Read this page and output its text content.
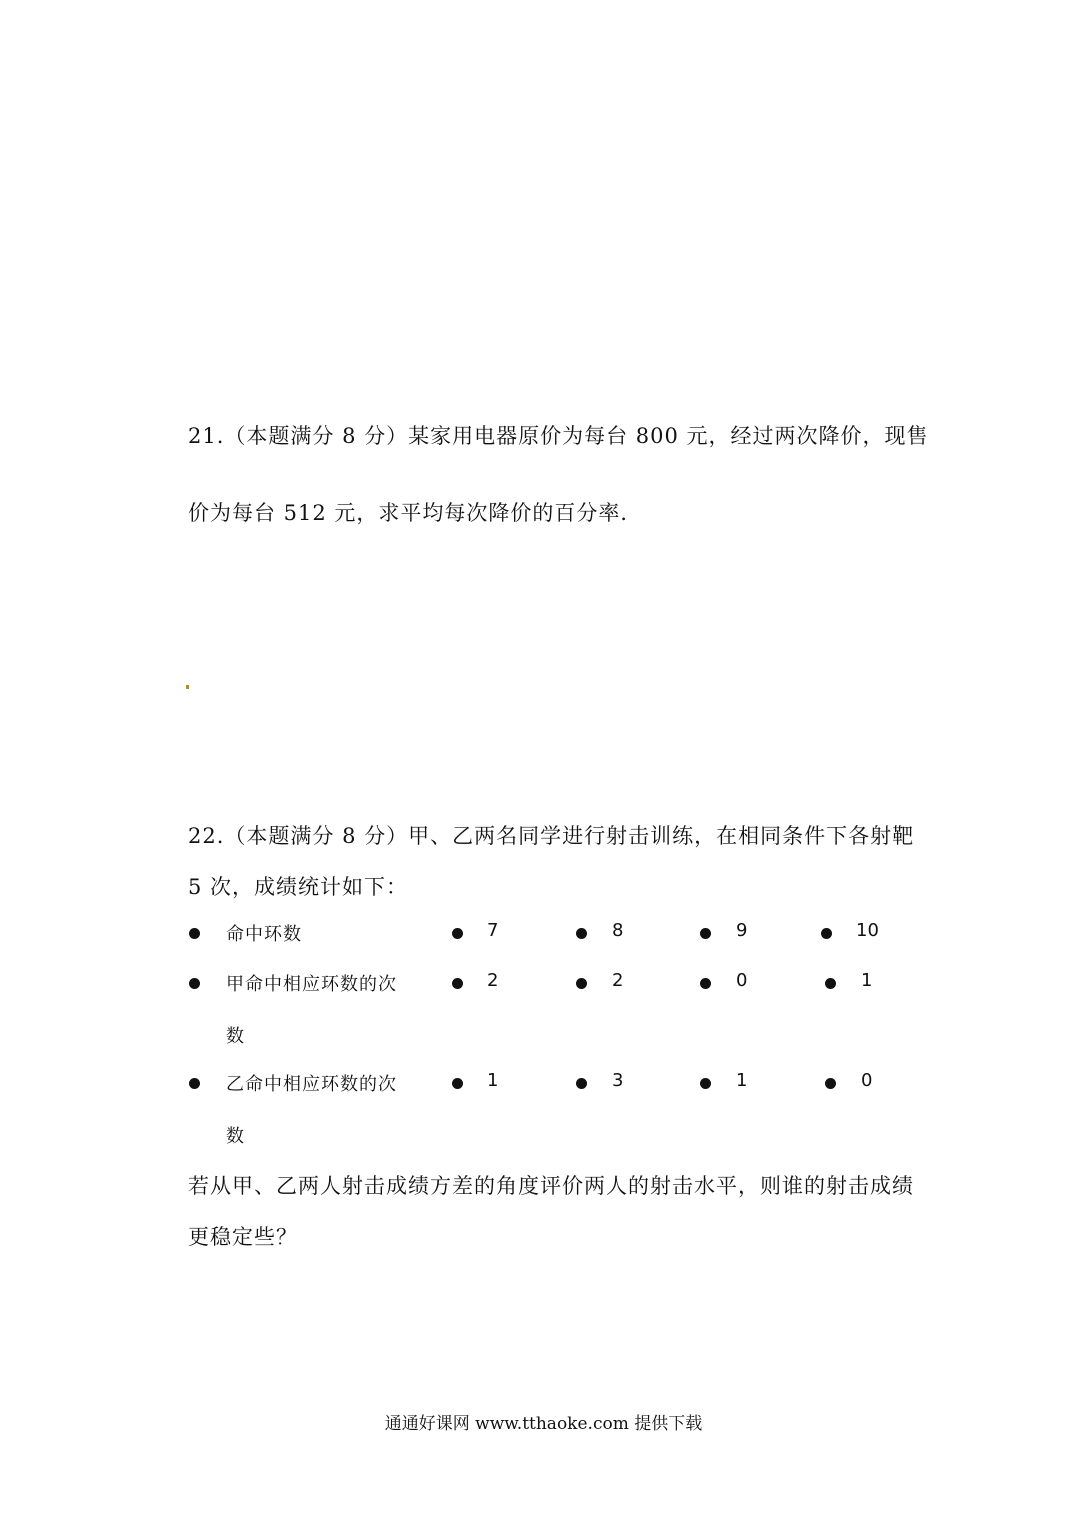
21.（本题满分 8 分）某家用电器原价为每台 800 元，经过两次降价，现售
价为每台 512 元，求平均每次降价的百分率．
22.（本题满分 8 分）甲、乙两名同学进行射击训练，在相同条件下各射靶
5 次，成绩统计如下：
命中环数	7	8	9	10
甲命中相应环数的次	2	2	0	1
数
乙命中相应环数的次	1	3	1	0
数
若从甲、乙两人射击成绩方差的角度评价两人的射击水平，则谁的射击成绩
更稳定些？
通通好课网 www.tthaoke.com 提供下载
